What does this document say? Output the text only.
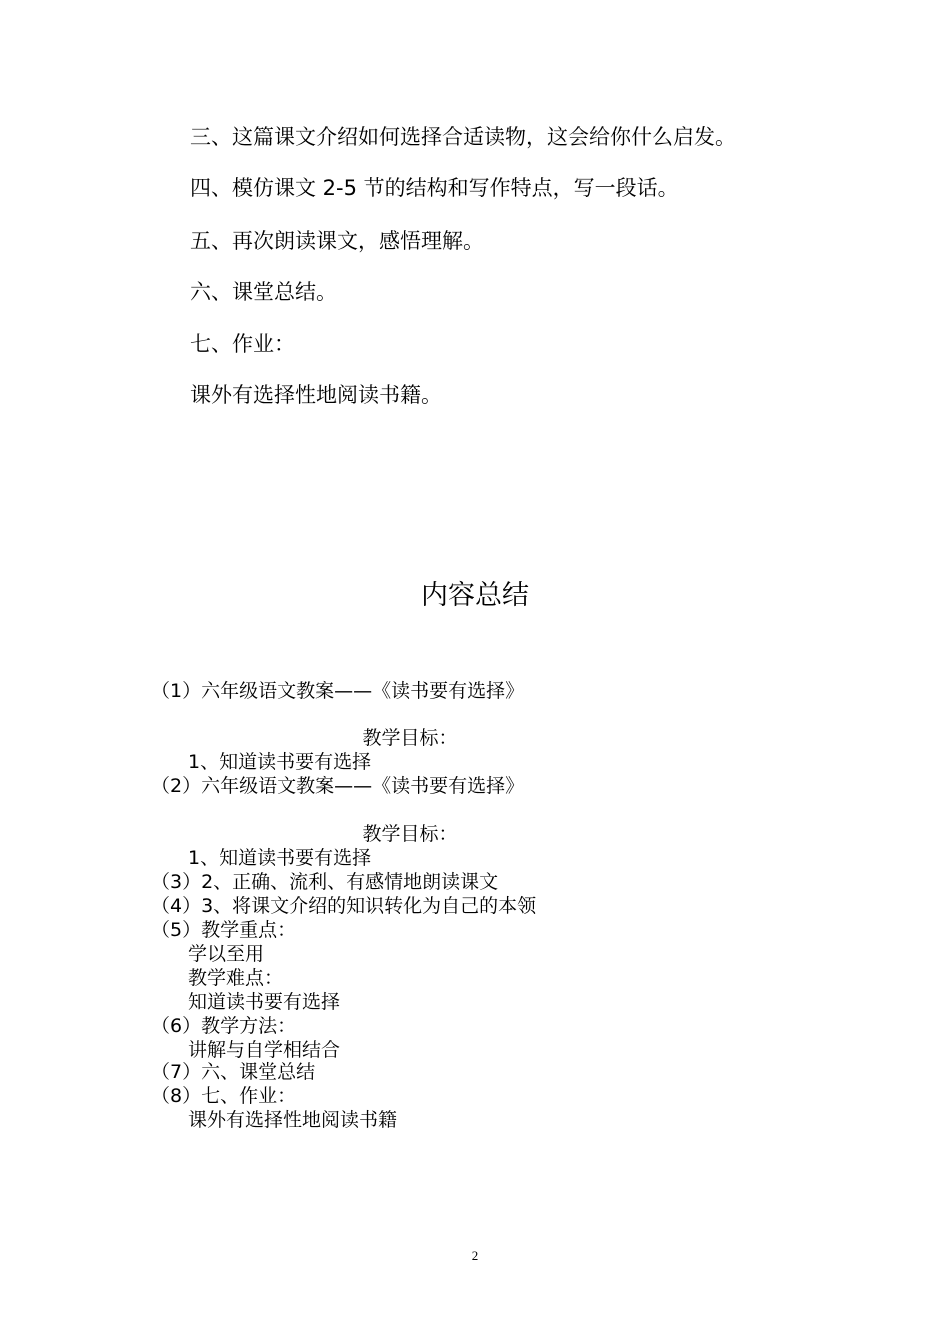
三、这篇课文介绍如何选择合适读物，这会给你什么启发。
四、模仿课文 2-5 节的结构和写作特点，写一段话。
五、再次朗读课文，感悟理解。
六、课堂总结。
七、作业：
课外有选择性地阅读书籍。
内容总结
（1）六年级语文教案——《读书要有选择》
教学目标：
1、知道读书要有选择
（2）六年级语文教案——《读书要有选择》
教学目标：
1、知道读书要有选择
（3）2、正确、流利、有感情地朗读课文
（4）3、将课文介绍的知识转化为自己的本领
（5）教学重点：
学以至用
教学难点：
知道读书要有选择
（6）教学方法：
讲解与自学相结合
（7）六、课堂总结
（8）七、作业：
课外有选择性地阅读书籍
2
